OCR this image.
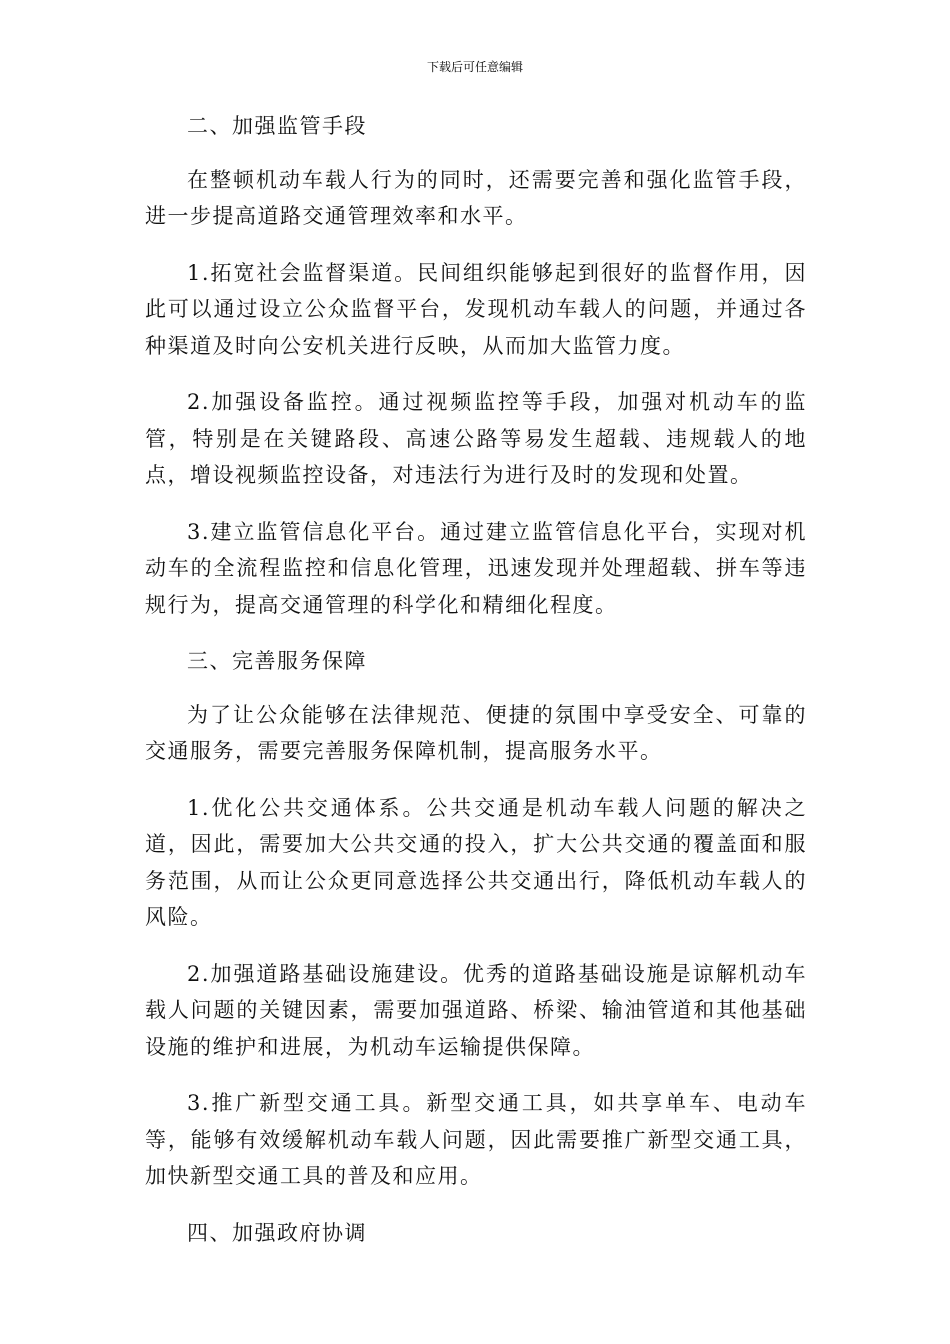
下载后可任意编辑

二、加强监管手段

在整顿机动车载人行为的同时，还需要完善和强化监管手段，进一步提高道路交通管理效率和水平。

1.拓宽社会监督渠道。民间组织能够起到很好的监督作用，因此可以通过设立公众监督平台，发现机动车载人的问题，并通过各种渠道及时向公安机关进行反映，从而加大监管力度。

2.加强设备监控。通过视频监控等手段，加强对机动车的监管，特别是在关键路段、高速公路等易发生超载、违规载人的地点，增设视频监控设备，对违法行为进行及时的发现和处置。

3.建立监管信息化平台。通过建立监管信息化平台，实现对机动车的全流程监控和信息化管理，迅速发现并处理超载、拼车等违规行为，提高交通管理的科学化和精细化程度。

三、完善服务保障

为了让公众能够在法律规范、便捷的氛围中享受安全、可靠的交通服务，需要完善服务保障机制，提高服务水平。

1.优化公共交通体系。公共交通是机动车载人问题的解决之道，因此，需要加大公共交通的投入，扩大公共交通的覆盖面和服务范围，从而让公众更同意选择公共交通出行，降低机动车载人的风险。

2.加强道路基础设施建设。优秀的道路基础设施是谅解机动车载人问题的关键因素，需要加强道路、桥梁、输油管道和其他基础设施的维护和进展，为机动车运输提供保障。

3.推广新型交通工具。新型交通工具，如共享单车、电动车等，能够有效缓解机动车载人问题，因此需要推广新型交通工具，加快新型交通工具的普及和应用。

四、加强政府协调
